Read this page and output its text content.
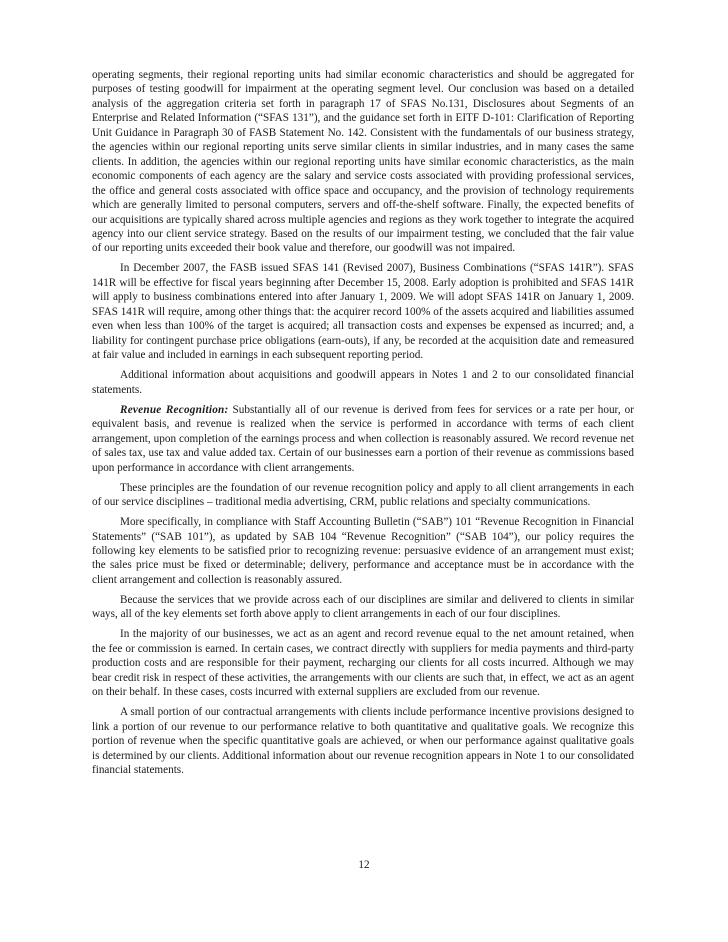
operating segments, their regional reporting units had similar economic characteristics and should be aggregated for purposes of testing goodwill for impairment at the operating segment level. Our conclusion was based on a detailed analysis of the aggregation criteria set forth in paragraph 17 of SFAS No.131, Disclosures about Segments of an Enterprise and Related Information (“SFAS 131”), and the guidance set forth in EITF D-101: Clarification of Reporting Unit Guidance in Paragraph 30 of FASB Statement No. 142. Consistent with the fundamentals of our business strategy, the agencies within our regional reporting units serve similar clients in similar industries, and in many cases the same clients. In addition, the agencies within our regional reporting units have similar economic characteristics, as the main economic components of each agency are the salary and service costs associated with providing professional services, the office and general costs associated with office space and occupancy, and the provision of technology requirements which are generally limited to personal computers, servers and off-the-shelf software. Finally, the expected benefits of our acquisitions are typically shared across multiple agencies and regions as they work together to integrate the acquired agency into our client service strategy. Based on the results of our impairment testing, we concluded that the fair value of our reporting units exceeded their book value and therefore, our goodwill was not impaired.

In December 2007, the FASB issued SFAS 141 (Revised 2007), Business Combinations (“SFAS 141R”). SFAS 141R will be effective for fiscal years beginning after December 15, 2008. Early adoption is prohibited and SFAS 141R will apply to business combinations entered into after January 1, 2009. We will adopt SFAS 141R on January 1, 2009. SFAS 141R will require, among other things that: the acquirer record 100% of the assets acquired and liabilities assumed even when less than 100% of the target is acquired; all transaction costs and expenses be expensed as incurred; and, a liability for contingent purchase price obligations (earn-outs), if any, be recorded at the acquisition date and remeasured at fair value and included in earnings in each subsequent reporting period.

Additional information about acquisitions and goodwill appears in Notes 1 and 2 to our consolidated financial statements.

Revenue Recognition: Substantially all of our revenue is derived from fees for services or a rate per hour, or equivalent basis, and revenue is realized when the service is performed in accordance with terms of each client arrangement, upon completion of the earnings process and when collection is reasonably assured. We record revenue net of sales tax, use tax and value added tax. Certain of our businesses earn a portion of their revenue as commissions based upon performance in accordance with client arrangements.

These principles are the foundation of our revenue recognition policy and apply to all client arrangements in each of our service disciplines – traditional media advertising, CRM, public relations and specialty communications.

More specifically, in compliance with Staff Accounting Bulletin (“SAB”) 101 “Revenue Recognition in Financial Statements” (“SAB 101”), as updated by SAB 104 “Revenue Recognition” (“SAB 104”), our policy requires the following key elements to be satisfied prior to recognizing revenue: persuasive evidence of an arrangement must exist; the sales price must be fixed or determinable; delivery, performance and acceptance must be in accordance with the client arrangement and collection is reasonably assured.

Because the services that we provide across each of our disciplines are similar and delivered to clients in similar ways, all of the key elements set forth above apply to client arrangements in each of our four disciplines.

In the majority of our businesses, we act as an agent and record revenue equal to the net amount retained, when the fee or commission is earned. In certain cases, we contract directly with suppliers for media payments and third-party production costs and are responsible for their payment, recharging our clients for all costs incurred. Although we may bear credit risk in respect of these activities, the arrangements with our clients are such that, in effect, we act as an agent on their behalf. In these cases, costs incurred with external suppliers are excluded from our revenue.

A small portion of our contractual arrangements with clients include performance incentive provisions designed to link a portion of our revenue to our performance relative to both quantitative and qualitative goals. We recognize this portion of revenue when the specific quantitative goals are achieved, or when our performance against qualitative goals is determined by our clients. Additional information about our revenue recognition appears in Note 1 to our consolidated financial statements.

12
